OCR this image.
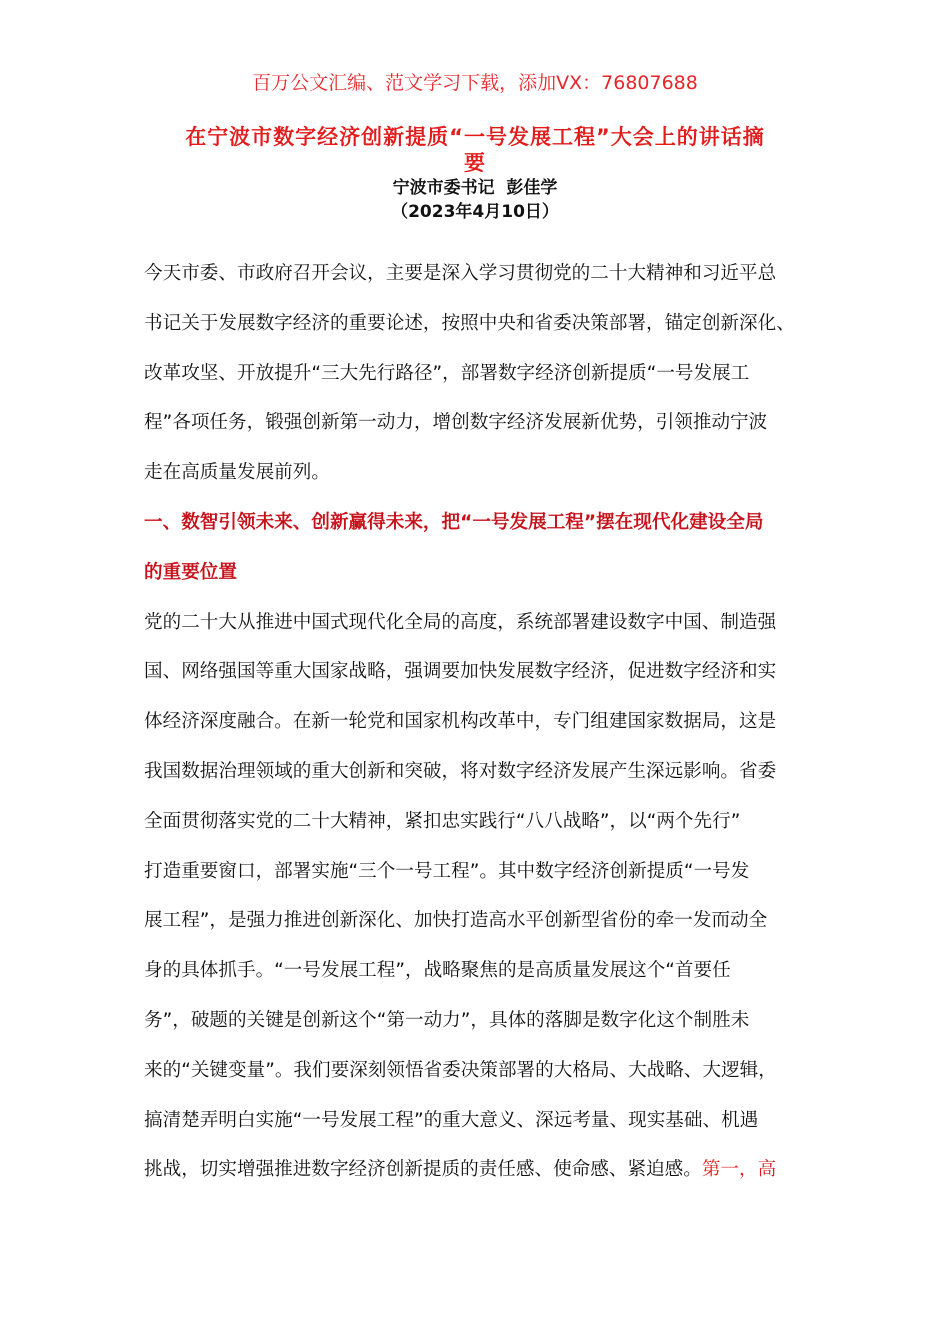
百万公文汇编、范文学习下载，添加VX：76807688
在宁波市数字经济创新提质“一号发展工程”大会上的讲话摘
要
宁波市委书记  彭佳学
（2023年4月10日）
今天市委、市政府召开会议，主要是深入学习贯彻党的二十大精神和习近平总
书记关于发展数字经济的重要论述，按照中央和省委决策部署，锚定创新深化、
改革攻坚、开放提升“三大先行路径”，部署数字经济创新提质“一号发展工
程”各项任务，锻强创新第一动力，增创数字经济发展新优势，引领推动宁波
走在高质量发展前列。
一、数智引领未来、创新赢得未来，把“一号发展工程”摆在现代化建设全局
的重要位置
党的二十大从推进中国式现代化全局的高度，系统部署建设数字中国、制造强
国、网络强国等重大国家战略，强调要加快发展数字经济，促进数字经济和实
体经济深度融合。在新一轮党和国家机构改革中，专门组建国家数据局，这是
我国数据治理领域的重大创新和突破，将对数字经济发展产生深远影响。省委
全面贯彻落实党的二十大精神，紧扣忠实践行“八八战略”，以“两个先行”
打造重要窗口，部署实施“三个一号工程”。其中数字经济创新提质“一号发
展工程”，是强力推进创新深化、加快打造高水平创新型省份的牵一发而动全
身的具体抓手。“一号发展工程”，战略聚焦的是高质量发展这个“首要任
务”，破题的关键是创新这个“第一动力”，具体的落脚是数字化这个制胜未
来的“关键变量”。我们要深刻领悟省委决策部署的大格局、大战略、大逻辑，
搞清楚弄明白实施“一号发展工程”的重大意义、深远考量、现实基础、机遇
挑战，切实增强推进数字经济创新提质的责任感、使命感、紧迫感。第一，高
